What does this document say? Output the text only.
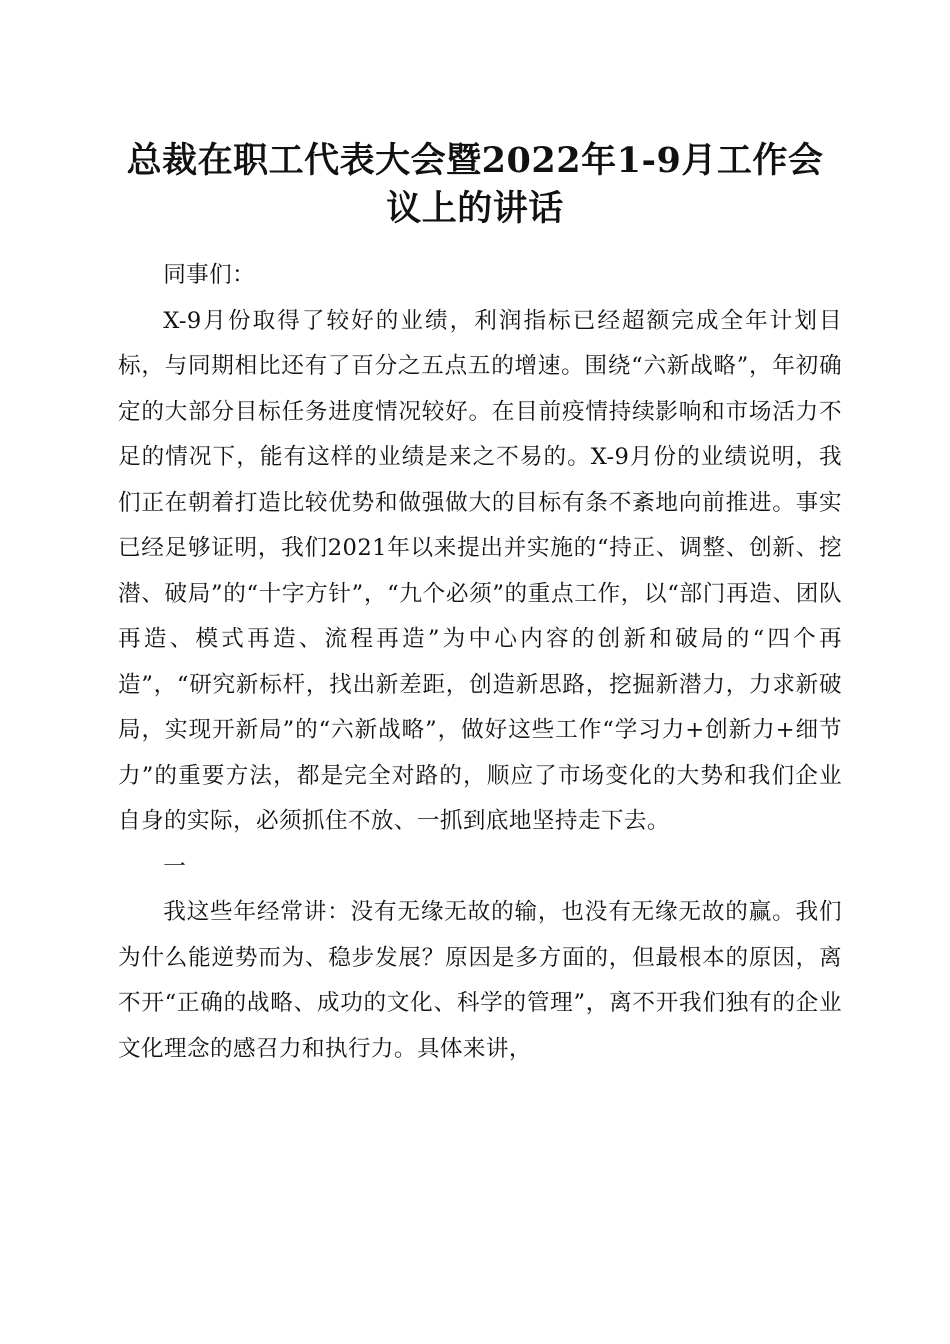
总裁在职工代表大会暨2022年1-9月工作会议上的讲话

同事们：

X-9月份取得了较好的业绩，利润指标已经超额完成全年计划目标，与同期相比还有了百分之五点五的增速。围绕“六新战略”，年初确定的大部分目标任务进度情况较好。在目前疫情持续影响和市场活力不足的情况下，能有这样的业绩是来之不易的。X-9月份的业绩说明，我们正在朝着打造比较优势和做强做大的目标有条不紊地向前推进。事实已经足够证明，我们2021年以来提出并实施的“持正、调整、创新、挖潜、破局”的“十字方针”，“九个必须”的重点工作，以“部门再造、团队再造、模式再造、流程再造”为中心内容的创新和破局的“四个再造”，“研究新标杆，找出新差距，创造新思路，挖掘新潜力，力求新破局，实现开新局”的“六新战略”，做好这些工作“学习力+创新力+细节力”的重要方法，都是完全对路的，顺应了市场变化的大势和我们企业自身的实际，必须抓住不放、一抓到底地坚持走下去。

一

我这些年经常讲：没有无缘无故的输，也没有无缘无故的赢。我们为什么能逆势而为、稳步发展？原因是多方面的，但最根本的原因，离不开“正确的战略、成功的文化、科学的管理”，离不开我们独有的企业文化理念的感召力和执行力。具体来讲，
